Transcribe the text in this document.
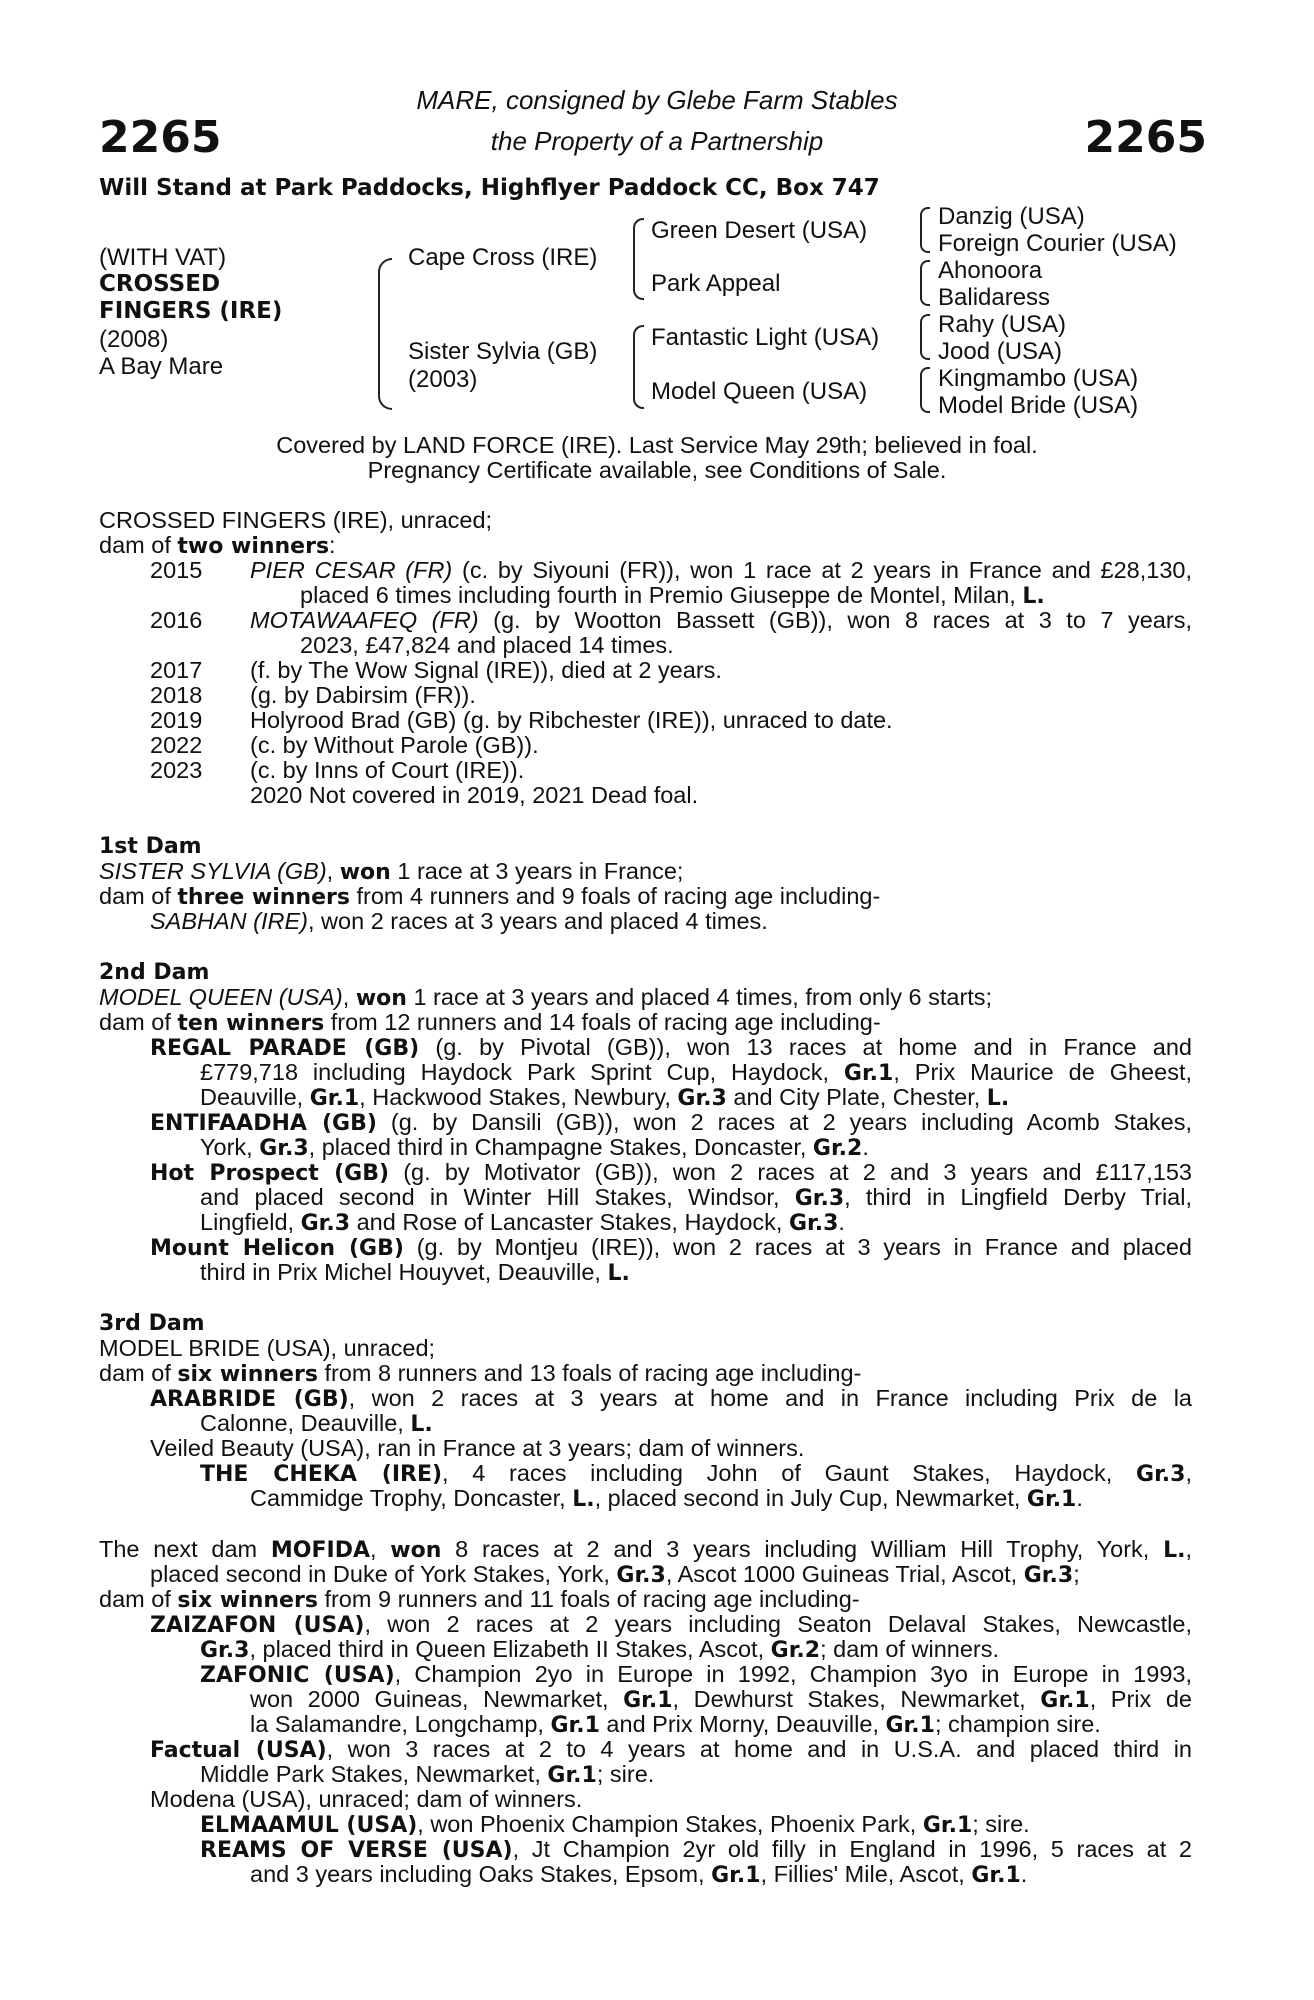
MARE, consigned by Glebe Farm Stables
2265	the Property of a Partnership	2265
Will Stand at Park Paddocks, Highflyer Paddock CC, Box 747
(WITH VAT)
CROSSED
FINGERS (IRE)
(2008)
A Bay Mare
Cape Cross (IRE)
Sister Sylvia (GB)
(2003)
Green Desert (USA)
Park Appeal
Fantastic Light (USA)
Model Queen (USA)
Danzig (USA)
Foreign Courier (USA)
Ahonoora
Balidaress
Rahy (USA)
Jood (USA)
Kingmambo (USA)
Model Bride (USA)
Covered by LAND FORCE (IRE). Last Service May 29th; believed in foal.
Pregnancy Certificate available, see Conditions of Sale.
CROSSED FINGERS (IRE), unraced;
dam of two winners:
2015 PIER CESAR (FR) (c. by Siyouni (FR)), won 1 race at 2 years in France and £28,130,
placed 6 times including fourth in Premio Giuseppe de Montel, Milan, L.
2016 MOTAWAAFEQ (FR) (g. by Wootton Bassett (GB)), won 8 races at 3 to 7 years,
2023, £47,824 and placed 14 times.
2017 (f. by The Wow Signal (IRE)), died at 2 years.
2018 (g. by Dabirsim (FR)).
2019 Holyrood Brad (GB) (g. by Ribchester (IRE)), unraced to date.
2022 (c. by Without Parole (GB)).
2023 (c. by Inns of Court (IRE)).
2020 Not covered in 2019, 2021 Dead foal.
1st Dam
SISTER SYLVIA (GB), won 1 race at 3 years in France;
dam of three winners from 4 runners and 9 foals of racing age including-
SABHAN (IRE), won 2 races at 3 years and placed 4 times.
2nd Dam
MODEL QUEEN (USA), won 1 race at 3 years and placed 4 times, from only 6 starts;
dam of ten winners from 12 runners and 14 foals of racing age including-
REGAL PARADE (GB) (g. by Pivotal (GB)), won 13 races at home and in France and
£779,718 including Haydock Park Sprint Cup, Haydock, Gr.1, Prix Maurice de Gheest,
Deauville, Gr.1, Hackwood Stakes, Newbury, Gr.3 and City Plate, Chester, L.
ENTIFAADHA (GB) (g. by Dansili (GB)), won 2 races at 2 years including Acomb Stakes,
York, Gr.3, placed third in Champagne Stakes, Doncaster, Gr.2.
Hot Prospect (GB) (g. by Motivator (GB)), won 2 races at 2 and 3 years and £117,153
and placed second in Winter Hill Stakes, Windsor, Gr.3, third in Lingfield Derby Trial,
Lingfield, Gr.3 and Rose of Lancaster Stakes, Haydock, Gr.3.
Mount Helicon (GB) (g. by Montjeu (IRE)), won 2 races at 3 years in France and placed
third in Prix Michel Houyvet, Deauville, L.
3rd Dam
MODEL BRIDE (USA), unraced;
dam of six winners from 8 runners and 13 foals of racing age including-
ARABRIDE (GB), won 2 races at 3 years at home and in France including Prix de la
Calonne, Deauville, L.
Veiled Beauty (USA), ran in France at 3 years; dam of winners.
THE CHEKA (IRE), 4 races including John of Gaunt Stakes, Haydock, Gr.3,
Cammidge Trophy, Doncaster, L., placed second in July Cup, Newmarket, Gr.1.
The next dam MOFIDA, won 8 races at 2 and 3 years including William Hill Trophy, York, L.,
placed second in Duke of York Stakes, York, Gr.3, Ascot 1000 Guineas Trial, Ascot, Gr.3;
dam of six winners from 9 runners and 11 foals of racing age including-
ZAIZAFON (USA), won 2 races at 2 years including Seaton Delaval Stakes, Newcastle,
Gr.3, placed third in Queen Elizabeth II Stakes, Ascot, Gr.2; dam of winners.
ZAFONIC (USA), Champion 2yo in Europe in 1992, Champion 3yo in Europe in 1993,
won 2000 Guineas, Newmarket, Gr.1, Dewhurst Stakes, Newmarket, Gr.1, Prix de
la Salamandre, Longchamp, Gr.1 and Prix Morny, Deauville, Gr.1; champion sire.
Factual (USA), won 3 races at 2 to 4 years at home and in U.S.A. and placed third in
Middle Park Stakes, Newmarket, Gr.1; sire.
Modena (USA), unraced; dam of winners.
ELMAAMUL (USA), won Phoenix Champion Stakes, Phoenix Park, Gr.1; sire.
REAMS OF VERSE (USA), Jt Champion 2yr old filly in England in 1996, 5 races at 2
and 3 years including Oaks Stakes, Epsom, Gr.1, Fillies' Mile, Ascot, Gr.1.
